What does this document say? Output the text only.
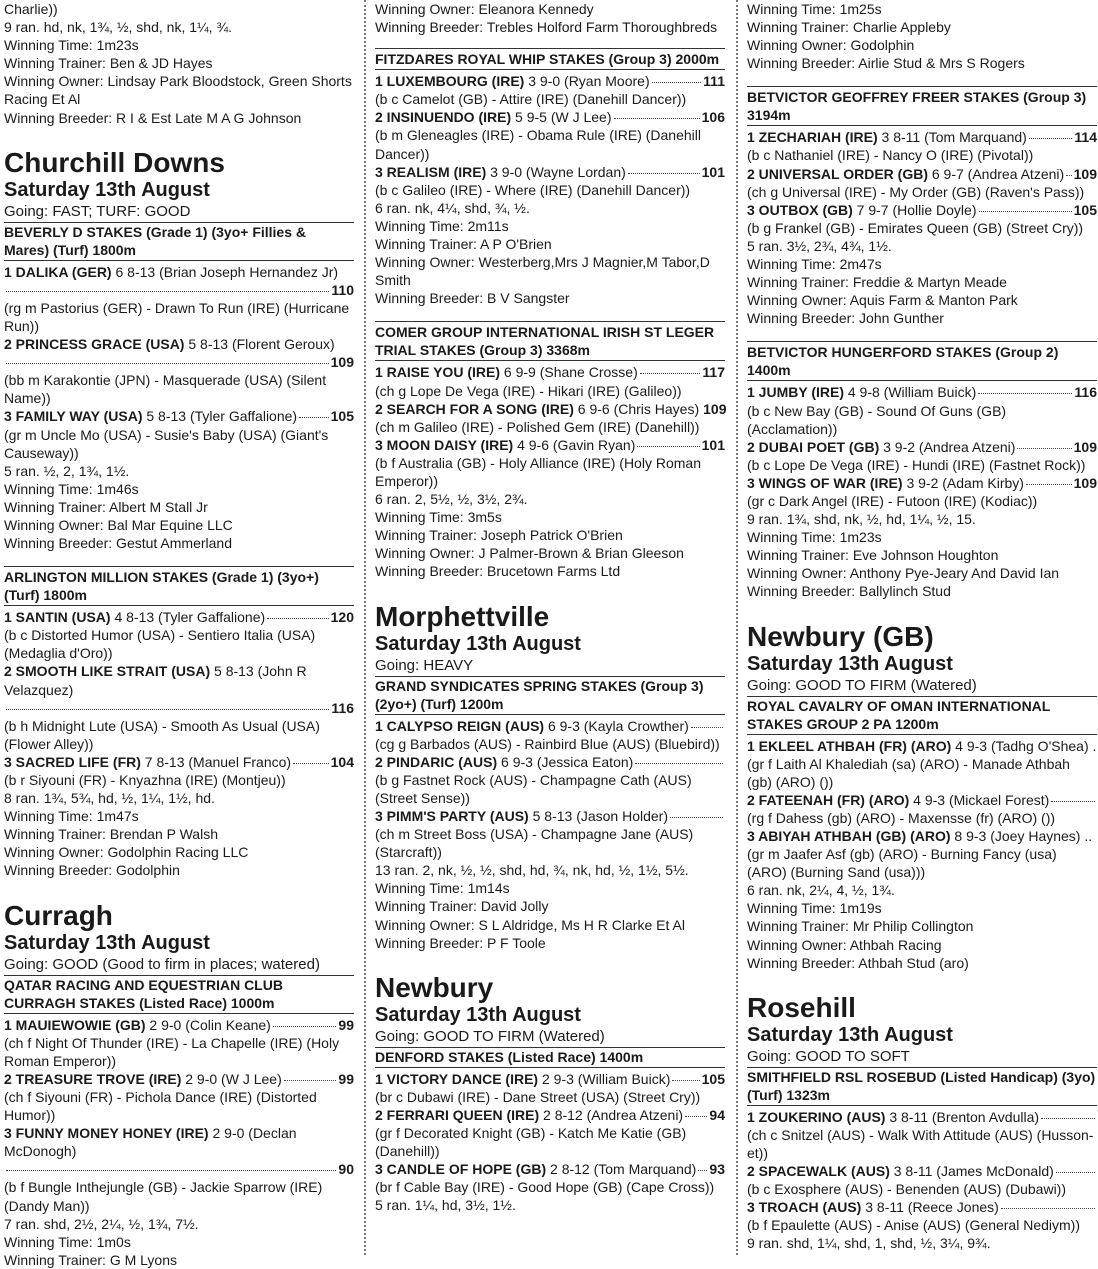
Charlie))

9 ran. hd, nk, 1¾, ½, shd, nk, 1¼, ¾.

Winning Time: 1m23s

Winning Trainer: Ben & JD Hayes

Winning Owner: Lindsay Park Bloodstock, Green Shorts

Racing Et Al

Winning Breeder: R I & Est Late M A G Johnson

Churchill Downs
Saturday 13th August
Going: FAST; TURF: GOOD
BEVERLY D STAKES (Grade 1) (3yo+ Fillies & Mares) (Turf) 1800m
1 DALIKA (GER) 6 8-13 (Brian Joseph Hernandez Jr)
110

(rg m Pastorius (GER) - Drawn To Run (IRE) (Hurricane Run))

2 PRINCESS GRACE (USA) 5 8-13 (Florent Geroux)
109

(bb m Karakontie (JPN) - Masquerade (USA) (Silent Name))

3 FAMILY WAY (USA) 5 8-13 (Tyler Gaffalione) 105

(gr m Uncle Mo (USA) - Susie's Baby (USA) (Giant's Causeway))

5 ran. ½, 2, 1¾, 1½.

Winning Time: 1m46s

Winning Trainer: Albert M Stall Jr

Winning Owner: Bal Mar Equine LLC

Winning Breeder: Gestut Ammerland

ARLINGTON MILLION STAKES (Grade 1) (3yo+) (Turf) 1800m
1 SANTIN (USA) 4 8-13 (Tyler Gaffalione)	120

(b c Distorted Humor (USA) - Sentiero Italia (USA) (Medaglia d'Oro))

2 SMOOTH LIKE STRAIT (USA) 5 8-13 (John R Velazquez)
116

(b h Midnight Lute (USA) - Smooth As Usual (USA) (Flower Alley))

3 SACRED LIFE (FR) 7 8-13 (Manuel Franco)	104

(b r Siyouni (FR) - Knyazhna (IRE) (Montjeu))

8 ran. 1¾, 5¾, hd, ½, 1¼, 1½, hd.

Winning Time: 1m47s

Winning Trainer: Brendan P Walsh

Winning Owner: Godolphin Racing LLC

Winning Breeder: Godolphin

Curragh
Saturday 13th August
Going: GOOD (Good to firm in places; watered)
QATAR RACING AND EQUESTRIAN CLUB CURRAGH STAKES (Listed Race) 1000m
1 MAUIEWOWIE (GB) 2 9-0 (Colin Keane)	99

(ch f Night Of Thunder (IRE) - La Chapelle (IRE) (Holy Roman Emperor))

2 TREASURE TROVE (IRE) 2 9-0 (W J Lee)	99

(ch f Siyouni (FR) - Pichola Dance (IRE) (Distorted Humor))

3 FUNNY MONEY HONEY (IRE) 2 9-0 (Declan McDonogh)
90

(b f Bungle Inthejungle (GB) - Jackie Sparrow (IRE) (Dandy Man))

7 ran. shd, 2½, 2¼, ½, 1¾, 7½.

Winning Time: 1m0s

Winning Trainer: G M Lyons

Winning Owner: Eleanora Kennedy

Winning Breeder: Trebles Holford Farm Thoroughbreds

FITZDARES ROYAL WHIP STAKES (Group 3) 2000m
1 LUXEMBOURG (IRE) 3 9-0 (Ryan Moore)	111

(b c Camelot (GB) - Attire (IRE) (Danehill Dancer))

2 INSINUENDO (IRE) 5 9-5 (W J Lee)	106

(b m Gleneagles (IRE) - Obama Rule (IRE) (Danehill Dancer))

3 REALISM (IRE) 3 9-0 (Wayne Lordan)	101

(b c Galileo (IRE) - Where (IRE) (Danehill Dancer))

6 ran. nk, 4¼, shd, ¾, ½.

Winning Time: 2m11s

Winning Trainer: A P O'Brien

Winning Owner: Westerberg,Mrs J Magnier,M Tabor,D Smith

Winning Breeder: B V Sangster

COMER GROUP INTERNATIONAL IRISH ST LEGER TRIAL STAKES (Group 3) 3368m
1 RAISE YOU (IRE) 6 9-9 (Shane Crosse)	117

(ch g Lope De Vega (IRE) - Hikari (IRE) (Galileo))

2 SEARCH FOR A SONG (IRE) 6 9-6 (Chris Hayes) 109

(ch m Galileo (IRE) - Polished Gem (IRE) (Danehill))

3 MOON DAISY (IRE) 4 9-6 (Gavin Ryan)	101

(b f Australia (GB) - Holy Alliance (IRE) (Holy Roman Emperor))

6 ran. 2, 5½, ½, 3½, 2¾.

Winning Time: 3m5s

Winning Trainer: Joseph Patrick O'Brien

Winning Owner: J Palmer-Brown & Brian Gleeson

Winning Breeder: Brucetown Farms Ltd

Morphettville
Saturday 13th August
Going: HEAVY
GRAND SYNDICATES SPRING STAKES (Group 3) (2yo+) (Turf) 1200m
1 CALYPSO REIGN (AUS) 6 9-3 (Kayla Crowther)

(cg g Barbados (AUS) - Rainbird Blue (AUS) (Bluebird))

2 PINDARIC (AUS) 6 9-3 (Jessica Eaton)

(b g Fastnet Rock (AUS) - Champagne Cath (AUS) (Street Sense))

3 PIMM'S PARTY (AUS) 5 8-13 (Jason Holder)

(ch m Street Boss (USA) - Champagne Jane (AUS) (Starcraft))

13 ran. 2, nk, ½, ½, shd, hd, ¾, nk, hd, ½, 1½, 5½.

Winning Time: 1m14s

Winning Trainer: David Jolly

Winning Owner: S L Aldridge, Ms H R Clarke Et Al

Winning Breeder: P F Toole

Newbury
Saturday 13th August
Going: GOOD TO FIRM (Watered)
DENFORD STAKES (Listed Race) 1400m
1 VICTORY DANCE (IRE) 2 9-3 (William Buick) 105

(br c Dubawi (IRE) - Dane Street (USA) (Street Cry))

2 FERRARI QUEEN (IRE) 2 8-12 (Andrea Atzeni) 94

(gr f Decorated Knight (GB) - Katch Me Katie (GB) (Danehill))

3 CANDLE OF HOPE (GB) 2 8-12 (Tom Marquand) 93

(br f Cable Bay (IRE) - Good Hope (GB) (Cape Cross))

5 ran. 1¼, hd, 3½, 1½.

Winning Time: 1m25s

Winning Trainer: Charlie Appleby

Winning Owner: Godolphin

Winning Breeder: Airlie Stud & Mrs S Rogers

BETVICTOR GEOFFREY FREER STAKES (Group 3) 3194m
1 ZECHARIAH (IRE) 3 8-11 (Tom Marquand)	114

(b c Nathaniel (IRE) - Nancy O (IRE) (Pivotal))

2 UNIVERSAL ORDER (GB) 6 9-7 (Andrea Atzeni) 109

(ch g Universal (IRE) - My Order (GB) (Raven's Pass))

3 OUTBOX (GB) 7 9-7 (Hollie Doyle)	105

(b g Frankel (GB) - Emirates Queen (GB) (Street Cry))

5 ran. 3½, 2¾, 4¾, 1½.

Winning Time: 2m47s

Winning Trainer: Freddie & Martyn Meade

Winning Owner: Aquis Farm & Manton Park

Winning Breeder: John Gunther

BETVICTOR HUNGERFORD STAKES (Group 2) 1400m
1 JUMBY (IRE) 4 9-8 (William Buick)	116

(b c New Bay (GB) - Sound Of Guns (GB) (Acclamation))

2 DUBAI POET (GB) 3 9-2 (Andrea Atzeni)	109

(b c Lope De Vega (IRE) - Hundi (IRE) (Fastnet Rock))

3 WINGS OF WAR (IRE) 3 9-2 (Adam Kirby)	109

(gr c Dark Angel (IRE) - Futoon (IRE) (Kodiac))

9 ran. 1¾, shd, nk, ½, hd, 1¼, ½, 15.

Winning Time: 1m23s

Winning Trainer: Eve Johnson Houghton

Winning Owner: Anthony Pye-Jeary And David Ian

Winning Breeder: Ballylinch Stud

Newbury (GB)
Saturday 13th August
Going: GOOD TO FIRM (Watered)
ROYAL CAVALRY OF OMAN INTERNATIONAL STAKES GROUP 2 PA 1200m
1 EKLEEL ATHBAH (FR) (ARO) 4 9-3 (Tadhg O'Shea) .

(gr f Laith Al Khalediah (sa) (ARO) - Manade Athbah (gb) (ARO) ())

2 FATEENAH (FR) (ARO) 4 9-3 (Mickael Forest)

(rg f Dahess (gb) (ARO) - Maxensse (fr) (ARO) ())

3 ABIYAH ATHBAH (GB) (ARO) 8 9-3 (Joey Haynes) ..

(gr m Jaafer Asf (gb) (ARO) - Burning Fancy (usa) (ARO) (Burning Sand (usa)))

6 ran. nk, 2¼, 4, ½, 1¾.

Winning Time: 1m19s

Winning Trainer: Mr Philip Collington

Winning Owner: Athbah Racing

Winning Breeder: Athbah Stud (aro)

Rosehill
Saturday 13th August
Going: GOOD TO SOFT
SMITHFIELD RSL ROSEBUD (Listed Handicap) (3yo) (Turf) 1323m
1 ZOUKERINO (AUS) 3 8-11 (Brenton Avdulla)

(ch c Snitzel (AUS) - Walk With Attitude (AUS) (Husson-et))

2 SPACEWALK (AUS) 3 8-11 (James McDonald)

(b c Exosphere (AUS) - Benenden (AUS) (Dubawi))

3 TROACH (AUS) 3 8-11 (Reece Jones)

(b f Epaulette (AUS) - Anise (AUS) (General Nediym))

9 ran. shd, 1¼, shd, 1, shd, ½, 3¼, 9¾.
